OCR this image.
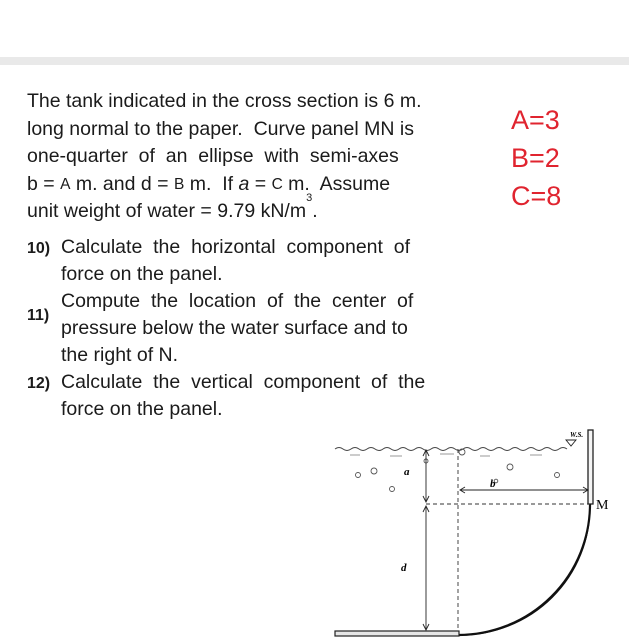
The tank indicated in the cross section is 6 m.
long normal to the paper.  Curve panel MN is
one-quarter  of  an  ellipse  with  semi-axes
b = A m. and d = B m.  If a = C m.  Assume
unit weight of water = 9.79 kN/m
3
.
A=3
B=2
C=8
10) Calculate  the  horizontal  component  of
force on the panel.
11)
Compute  the  location  of  the  center  of
pressure below the water surface and to
the right of N.
12) Calculate  the  vertical  component  of  the
force on the panel.
W.S.
a
d
b
M
